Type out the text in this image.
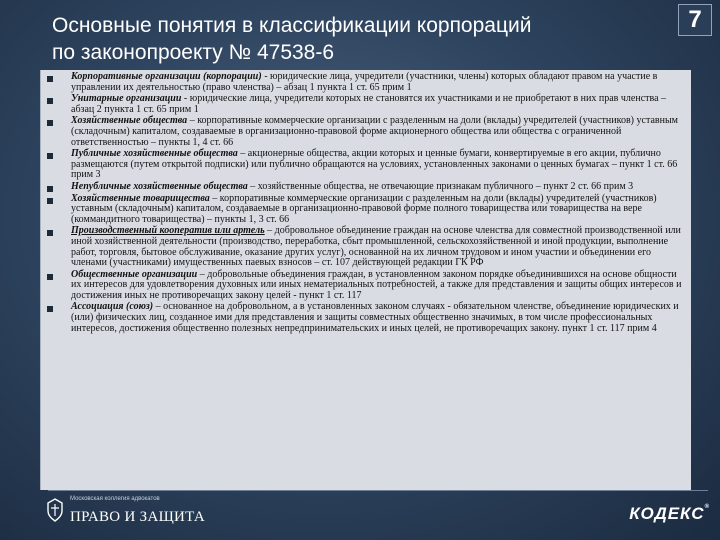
7
Основные понятия в классификации корпораций
по законопроекту № 47538-6
Корпоративные организации (корпорации) - юридические лица, учредители (участники, члены) которых обладают правом на участие в управлении их деятельностью (право членства) – абзац 1 пункта 1 ст. 65 прим 1
Унитарные организации - юридические лица, учредители которых не становятся их участниками и не приобретают в них прав членства – абзац 2 пункта 1 ст. 65 прим 1
Хозяйственные общества – корпоративные коммерческие организации с разделенным на доли (вклады) учредителей (участников) уставным (складочным) капиталом, создаваемые в организационно-правовой форме акционерного общества или общества с ограниченной ответственностью – пункты 1, 4 ст. 66
Публичные хозяйственные общества – акционерные общества, акции которых и ценные бумаги, конвертируемые в его акции, публично размещаются (путем открытой подписки) или публично обращаются на условиях, установленных законами о ценных бумагах – пункт 1 ст. 66 прим 3
Непубличные хозяйственные общества – хозяйственные общества, не отвечающие признакам публичного – пункт 2 ст. 66 прим 3
Хозяйственные товарищества – корпоративные коммерческие организации с разделенным на доли (вклады) учредителей (участников) уставным (складочным) капиталом, создаваемые в организационно-правовой форме полного товарищества или товарищества на вере (коммандитного товарищества) – пункты 1, 3 ст. 66
Производственный кооператив или артель – добровольное объединение граждан на основе членства для совместной производственной или иной хозяйственной деятельности (производство, переработка, сбыт промышленной, сельскохозяйственной и иной продукции, выполнение работ, торговля, бытовое обслуживание, оказание других услуг), основанной на их личном трудовом и ином участии и объединении его членами (участниками) имущественных паевых взносов – ст. 107 действующей редакции ГК РФ
Общественные организации – добровольные объединения граждан, в установленном законом порядке объединившихся на основе общности их интересов для удовлетворения духовных или иных нематериальных потребностей, а также для представления и защиты общих интересов и достижения иных не противоречащих закону целей - пункт 1 ст. 117
Ассоциация (союз) – основанное на добровольном, а в установленных законом случаях - обязательном членстве, объединение юридических и (или) физических лиц, созданное ими для представления и защиты совместных общественно значимых, в том числе профессиональных интересов, достижения общественно полезных непредпринимательских и иных целей, не противоречащих закону. пункт 1 ст. 117 прим 4
Московская коллегия адвокатов
ПРАВО И ЗАЩИТА	КОДЕКС®
